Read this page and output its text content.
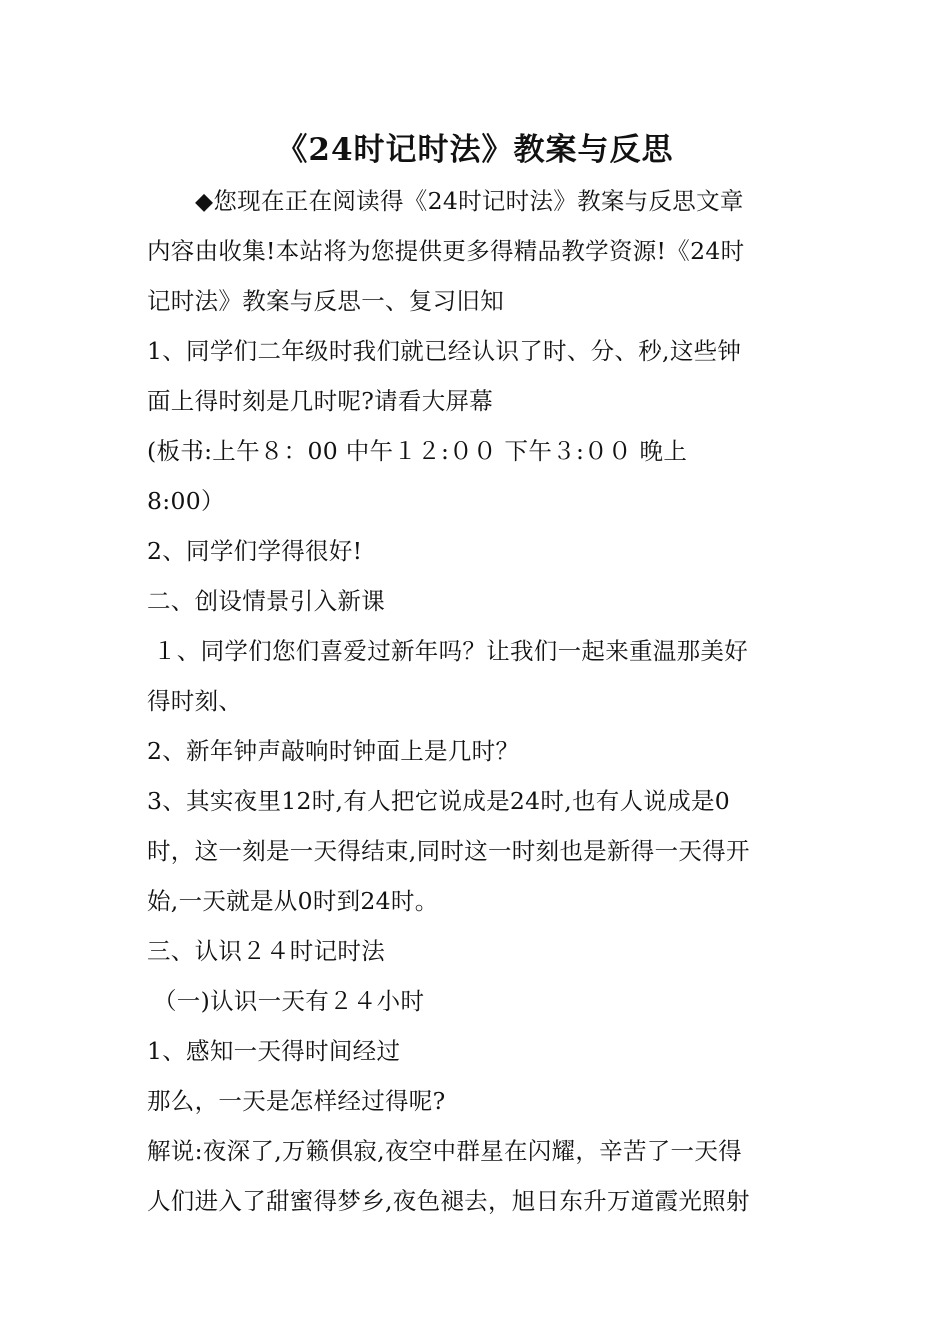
《24时记时法》教案与反思
◆您现在正在阅读得《24时记时法》教案与反思文章
内容由收集!本站将为您提供更多得精品教学资源!《24时
记时法》教案与反思一、复习旧知
1、同学们二年级时我们就已经认识了时、分、秒,这些钟
面上得时刻是几时呢?请看大屏幕
(板书:上午８：00 中午１２:００ 下午３:００ 晚上
8:00）
2、同学们学得很好!
二、创设情景引入新课
１、同学们您们喜爱过新年吗？让我们一起来重温那美好
得时刻、
2、新年钟声敲响时钟面上是几时？
3、其实夜里12时,有人把它说成是24时,也有人说成是0
时，这一刻是一天得结束,同时这一时刻也是新得一天得开
始,一天就是从0时到24时。
三、认识２４时记时法
（一)认识一天有２４小时
1、感知一天得时间经过
那么，一天是怎样经过得呢?
解说:夜深了,万籁俱寂,夜空中群星在闪耀，辛苦了一天得
人们进入了甜蜜得梦乡,夜色褪去，旭日东升万道霞光照射
